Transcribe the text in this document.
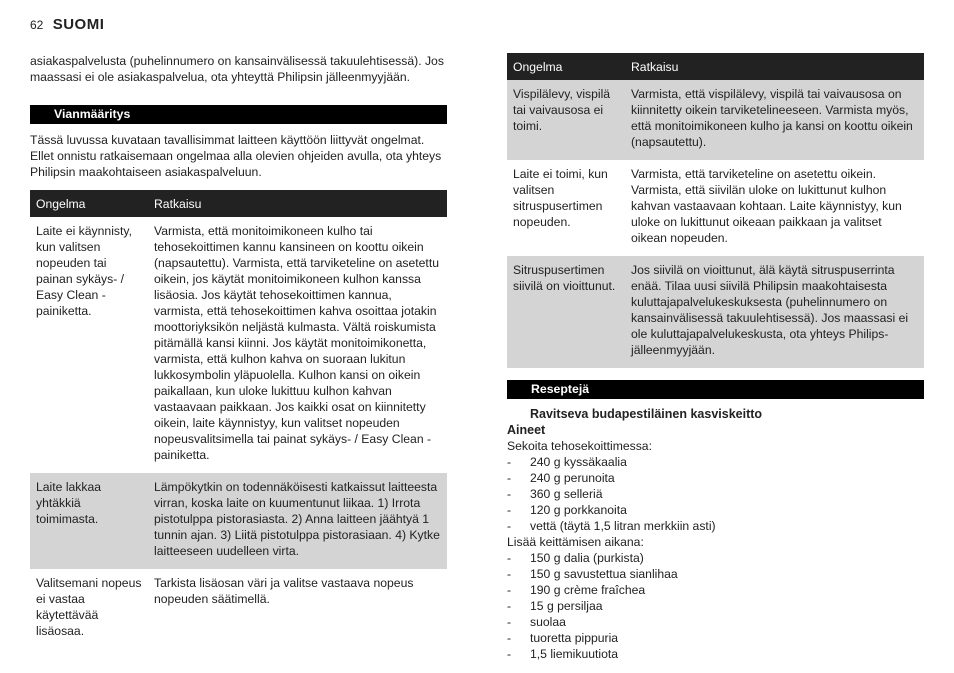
62 SUOMI

asiakaspalvelusta (puhelinnumero on kansainvälisessä takuulehtisessä). Jos maassasi ei ole asiakaspalvelua, ota yhteyttä Philipsin jälleenmyyjään.

Vianmääritys

Tässä luvussa kuvataan tavallisimmat laitteen käyttöön liittyvät ongelmat. Ellet onnistu ratkaisemaan ongelmaa alla olevien ohjeiden avulla, ota yhteys Philipsin maakohtaiseen asiakaspalveluun.

Ongelma	Ratkaisu
Laite ei käynnisty, kun valitsen nopeuden tai painan sykäys- / Easy Clean -painiketta.	Varmista, että monitoimikoneen kulho tai tehosekoittimen kannu kansineen on koottu oikein (napsautettu). Varmista, että tarviketeline on asetettu oikein, jos käytät monitoimikoneen kulhon kanssa lisäosia. Jos käytät tehosekoittimen kannua, varmista, että tehosekoittimen kahva osoittaa jotakin moottoriyksikön neljästä kulmasta. Vältä roiskumista pitämällä kansi kiinni. Jos käytät monitoimikonetta, varmista, että kulhon kahva on suoraan lukitun lukkosymbolin yläpuolella. Kulhon kansi on oikein paikallaan, kun uloke lukittuu kulhon kahvan vastaavaan paikkaan. Jos kaikki osat on kiinnitetty oikein, laite käynnistyy, kun valitset nopeuden nopeusvalitsimella tai painat sykäys- / Easy Clean -painiketta.
Laite lakkaa yhtäkkiä toimimasta.	Lämpökytkin on todennäköisesti katkaissut laitteesta virran, koska laite on kuumentunut liikaa. 1) Irrota pistotulppa pistorasiasta. 2) Anna laitteen jäähtyä 1 tunnin ajan. 3) Liitä pistotulppa pistorasiaan. 4) Kytke laitteeseen uudelleen virta.
Valitsemani nopeus ei vastaa käytettävää lisäosaa.	Tarkista lisäosan väri ja valitse vastaava nopeus nopeuden säätimellä.
Ongelma	Ratkaisu
Vispilälevy, vispilä tai vaivausosa ei toimi.	Varmista, että vispilälevy, vispilä tai vaivausosa on kiinnitetty oikein tarviketelineeseen. Varmista myös, että monitoimikoneen kulho ja kansi on koottu oikein (napsautettu).
Laite ei toimi, kun valitsen sitruspusertimen nopeuden.	Varmista, että tarviketeline on asetettu oikein. Varmista, että siivilän uloke on lukittunut kulhon kahvan vastaavaan kohtaan. Laite käynnistyy, kun uloke on lukittunut oikeaan paikkaan ja valitset oikean nopeuden.
Sitruspusertimen siivilä on vioittunut.	Jos siivilä on vioittunut, älä käytä sitruspuserrinta enää. Tilaa uusi siivilä Philipsin maakohtaisesta kuluttajapalvelukeskuksesta (puhelinnumero on kansainvälisessä takuulehtisessä). Jos maassasi ei ole kuluttajapalvelukeskusta, ota yhteys Philips-jälleenmyyjään.
Reseptejä

Ravitseva budapestiläinen kasviskeitto

Aineet

Sekoita tehosekoittimessa:

- 240 g kyssäkaalia
- 240 g perunoita
- 360 g selleriä
- 120 g porkkanoita
- vettä (täytä 1,5 litran merkkiin asti)

Lisää keittämisen aikana:

- 150 g dalia (purkista)
- 150 g savustettua sianlihaa
- 190 g crème fraîchea
- 15 g persiljaa
- suolaa
- tuoretta pippuria
- 1,5 liemikuutiota
